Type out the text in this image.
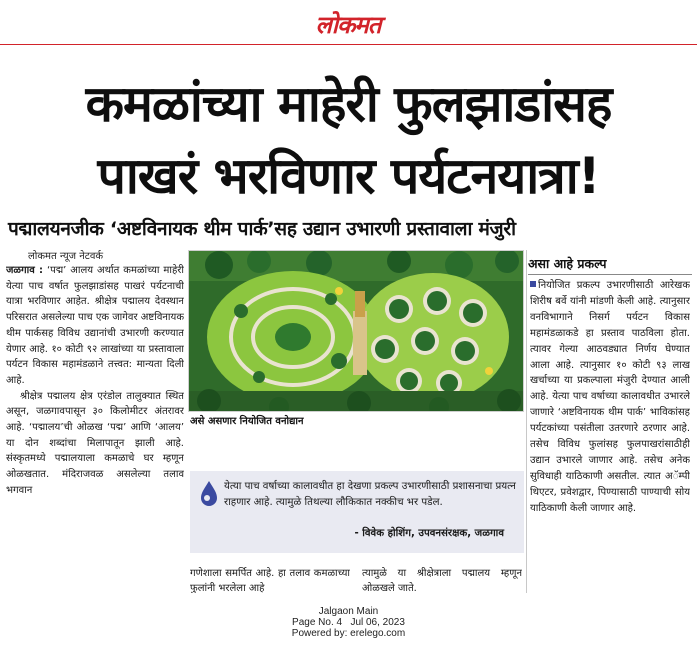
लोकमत
कमळांच्या माहेरी फुलझाडांसह
पाखरं भरविणार पर्यटनयात्रा!
पद्मालयनजीक ‘अष्टविनायक थीम पार्क’सह उद्यान उभारणी प्रस्तावाला मंजुरी
लोकमत न्यूज नेटवर्क

जळगाव : ‘पद्म’ आलय अर्थात कमळांच्या माहेरी येत्या पाच वर्षात फुलझाडांसह पाखरं पर्यटनाची यात्रा भरविणार आहेत. श्रीक्षेत्र पद्मालय देवस्थान परिसरात असलेल्या पाच एक जागेवर अष्टविनायक थीम पार्कसह विविध उद्यानांची उभारणी करण्यात येणार आहे. १० कोटी ९२ लाखांच्या या प्रस्तावाला पर्यटन विकास महामंडळाने तत्त्वत: मान्यता दिली आहे.

श्रीक्षेत्र पद्मालय क्षेत्र एरंडोल तालुक्यात स्थित असून, जळगावपासून ३० किलोमीटर अंतरावर आहे. ‘पद्मालय’ची ओळख ‘पद्म’ आणि ‘आलय’ या दोन शब्दांचा मिलापातून झाली आहे. संस्कृतमध्ये पद्मालयाला कमळाचे घर म्हणून ओळखतात. मंदिराजवळ असलेल्या तलाव भगवान

असे असणार नियोजित वनोद्यान
येत्या पाच वर्षाच्या कालावधीत हा देखणा प्रकल्प उभारणीसाठी प्रशासनाचा प्रयत्न राहणार आहे. त्यामुळे तिथल्या लौकिकात नक्कीच भर पडेल.
- विवेक होशिंग, उपवनसंरक्षक, जळगाव
गणेशाला समर्पित आहे. हा तलाव कमळाच्या फुलांनी भरलेला आहे
त्यामुळे या श्रीक्षेत्राला पद्मालय म्हणून ओळखले जाते.
असा आहे प्रकल्प
नियोजित प्रकल्प उभारणीसाठी आरेखक शिरीष बर्वे यांनी मांडणी केली आहे. त्यानुसार वनविभागाने निसर्ग पर्यटन विकास महामंडळाकडे हा प्रस्ताव पाठविला होता. त्यावर गेल्या आठवड्यात निर्णय घेण्यात आला आहे. त्यानुसार १० कोटी ९३ लाख खर्चाच्या या प्रकल्पाला मंजुरी देण्यात आली आहे. येत्या पाच वर्षाच्या कालावधीत उभारले जाणारे ‘अष्टविनायक थीम पार्क’ भाविकांसह पर्यटकांच्या पसंतीला उतरणारे ठरणार आहे. तसेच विविध फुलांसह फुलपाखरांसाठीही उद्यान उभारले जाणार आहे. तसेच अनेक सुविधाही याठिकाणी असतील. त्यात अॅम्पी थिएटर, प्रवेशद्वार, पिण्यासाठी पाण्याची सोय याठिकाणी केली जाणार आहे.
Jalgaon Main
Page No. 4 Jul 06, 2023
Powered by: erelego.com
